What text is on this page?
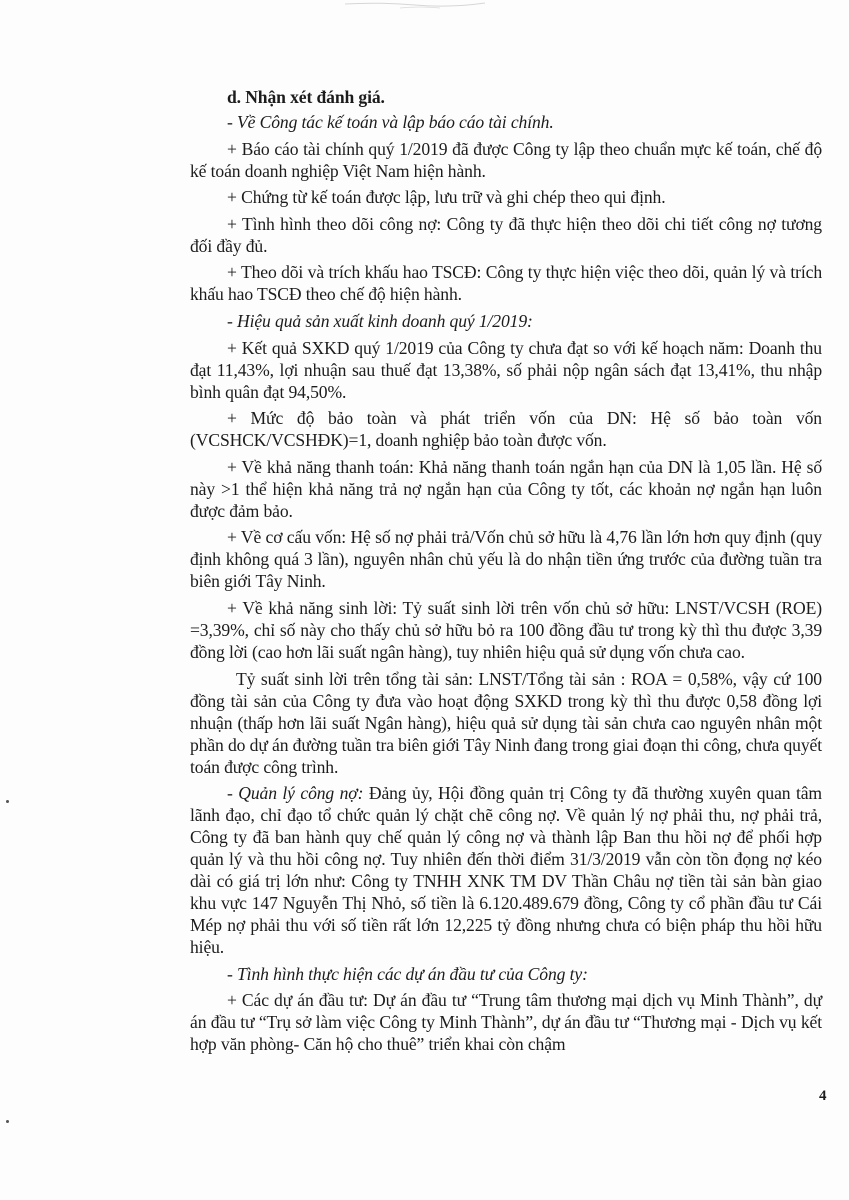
d. Nhận xét đánh giá.

- Về Công tác kế toán và lập báo cáo tài chính.

+ Báo cáo tài chính quý 1/2019 đã được Công ty lập theo chuẩn mực kế toán, chế độ kế toán doanh nghiệp Việt Nam hiện hành.

+ Chứng từ kế toán được lập, lưu trữ và ghi chép theo qui định.

+ Tình hình theo dõi công nợ: Công ty đã thực hiện theo dõi chi tiết công nợ tương đối đầy đủ.

+ Theo dõi và trích khấu hao TSCĐ: Công ty thực hiện việc theo dõi, quản lý và trích khấu hao TSCĐ theo chế độ hiện hành.

- Hiệu quả sản xuất kinh doanh quý 1/2019:

+ Kết quả SXKD quý 1/2019 của Công ty chưa đạt so với kế hoạch năm: Doanh thu đạt 11,43%, lợi nhuận sau thuế đạt 13,38%, số phải nộp ngân sách đạt 13,41%, thu nhập bình quân đạt 94,50%.

+ Mức độ bảo toàn và phát triển vốn của DN: Hệ số bảo toàn vốn (VCSHCK/VCSHĐK)=1, doanh nghiệp bảo toàn được vốn.

+ Về khả năng thanh toán: Khả năng thanh toán ngắn hạn của DN là 1,05 lần. Hệ số này >1 thể hiện khả năng trả nợ ngắn hạn của Công ty tốt, các khoản nợ ngắn hạn luôn được đảm bảo.

+ Về cơ cấu vốn: Hệ số nợ phải trả/Vốn chủ sở hữu là 4,76 lần lớn hơn quy định (quy định không quá 3 lần), nguyên nhân chủ yếu là do nhận tiền ứng trước của đường tuần tra biên giới Tây Ninh.

+ Về khả năng sinh lời: Tỷ suất sinh lời trên vốn chủ sở hữu: LNST/VCSH (ROE) =3,39%, chỉ số này cho thấy chủ sở hữu bỏ ra 100 đồng đầu tư trong kỳ thì thu được 3,39 đồng lời (cao hơn lãi suất ngân hàng), tuy nhiên hiệu quả sử dụng vốn chưa cao.

Tỷ suất sinh lời trên tổng tài sản: LNST/Tổng tài sản : ROA = 0,58%, vậy cứ 100 đồng tài sản của Công ty đưa vào hoạt động SXKD trong kỳ thì thu được 0,58 đồng lợi nhuận (thấp hơn lãi suất Ngân hàng), hiệu quả sử dụng tài sản chưa cao nguyên nhân một phần do dự án đường tuần tra biên giới Tây Ninh đang trong giai đoạn thi công, chưa quyết toán được công trình.

- Quản lý công nợ: Đảng ủy, Hội đồng quản trị Công ty đã thường xuyên quan tâm lãnh đạo, chỉ đạo tổ chức quản lý chặt chẽ công nợ. Về quản lý nợ phải thu, nợ phải trả, Công ty đã ban hành quy chế quản lý công nợ và thành lập Ban thu hồi nợ để phối hợp quản lý và thu hồi công nợ. Tuy nhiên đến thời điểm 31/3/2019 vẫn còn tồn đọng nợ kéo dài có giá trị lớn như: Công ty TNHH XNK TM DV Thần Châu nợ tiền tài sản bàn giao khu vực 147 Nguyễn Thị Nhỏ, số tiền là 6.120.489.679 đồng, Công ty cổ phần đầu tư Cái Mép nợ phải thu với số tiền rất lớn 12,225 tỷ đồng nhưng chưa có biện pháp thu hồi hữu hiệu.

- Tình hình thực hiện các dự án đầu tư của Công ty:

+ Các dự án đầu tư: Dự án đầu tư “Trung tâm thương mại dịch vụ Minh Thành”, dự án đầu tư “Trụ sở làm việc Công ty Minh Thành”, dự án đầu tư “Thương mại - Dịch vụ kết hợp văn phòng- Căn hộ cho thuê” triển khai còn chậm

4
